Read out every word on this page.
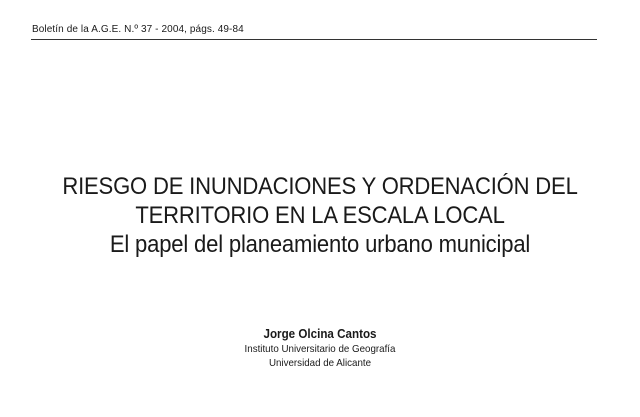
Boletín de la A.G.E. N.º 37 - 2004, págs. 49-84
RIESGO DE INUNDACIONES Y ORDENACIÓN DEL
TERRITORIO EN LA ESCALA LOCAL
El papel del planeamiento urbano municipal
Jorge Olcina Cantos
Instituto Universitario de Geografía
Universidad de Alicante
